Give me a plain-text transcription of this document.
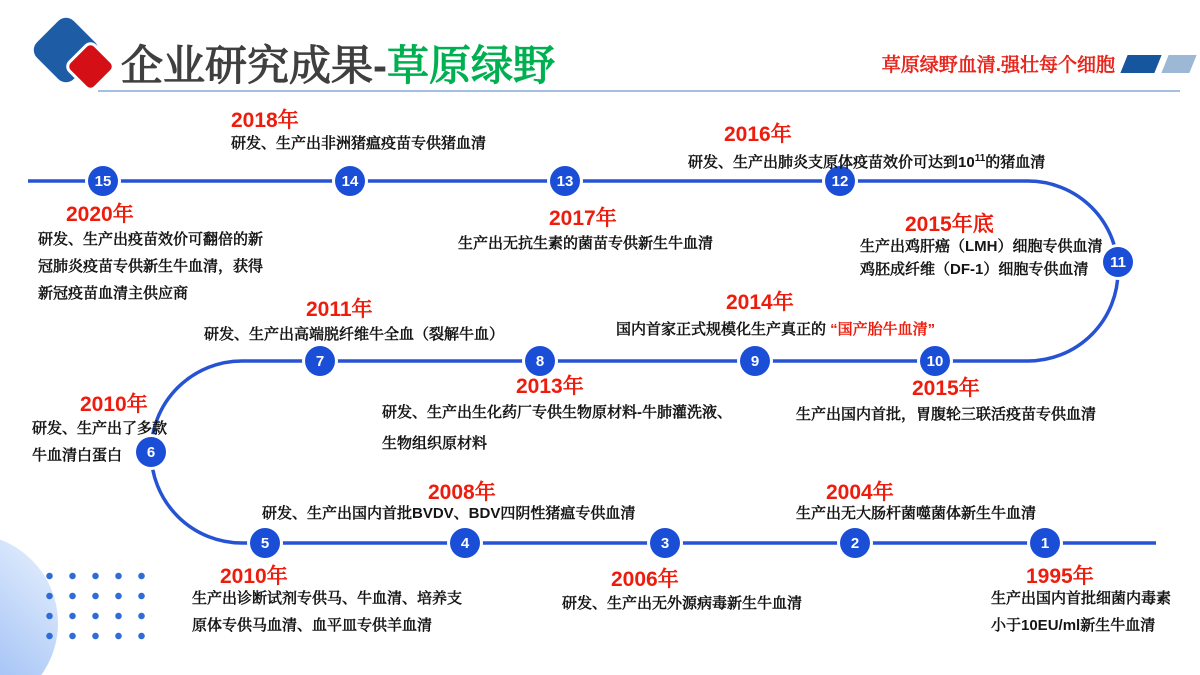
企业研究成果-草原绿野	草原绿野血清.强壮每个细胞
15	14	13	12
11
10
9
8
7
6
5	4	3	2	1
2018年
2016年
2020年	2017年	2015年底
2014年
2011年
2013年	2015年
2010年
2008年	2004年
2010年	2006年	1995年
研发、生产出非洲猪瘟疫苗专供猪血清
研发、生产出肺炎支原体疫苗效价可达到$10^{11}$的猪血清
研发、生产出疫苗效价可翻倍的新
冠肺炎疫苗专供新生牛血清，获得
新冠疫苗血清主供应商
生产出无抗生素的菌苗专供新生牛血清	生产出鸡肝癌（LMH）细胞专供血清
鸡胚成纤维（DF-1）细胞专供血清
国内首家正式规模化生产真正的 “国产胎牛血清”
研发、生产出高端脱纤维牛全血（裂解牛血）
研发、生产出生化药厂专供生物原材料-牛肺灌洗液、
生物组织原材料
生产出国内首批，胃腹轮三联活疫苗专供血清
研发、生产出了多款
牛血清白蛋白
研发、生产出国内首批BVDV、BDV四阴性猪瘟专供血清	生产出无大肠杆菌噬菌体新生牛血清
生产出诊断试剂专供马、牛血清、培养支
原体专供马血清、血平皿专供羊血清
研发、生产出无外源病毒新生牛血清	生产出国内首批细菌内毒素
小于10EU/ml新生牛血清
